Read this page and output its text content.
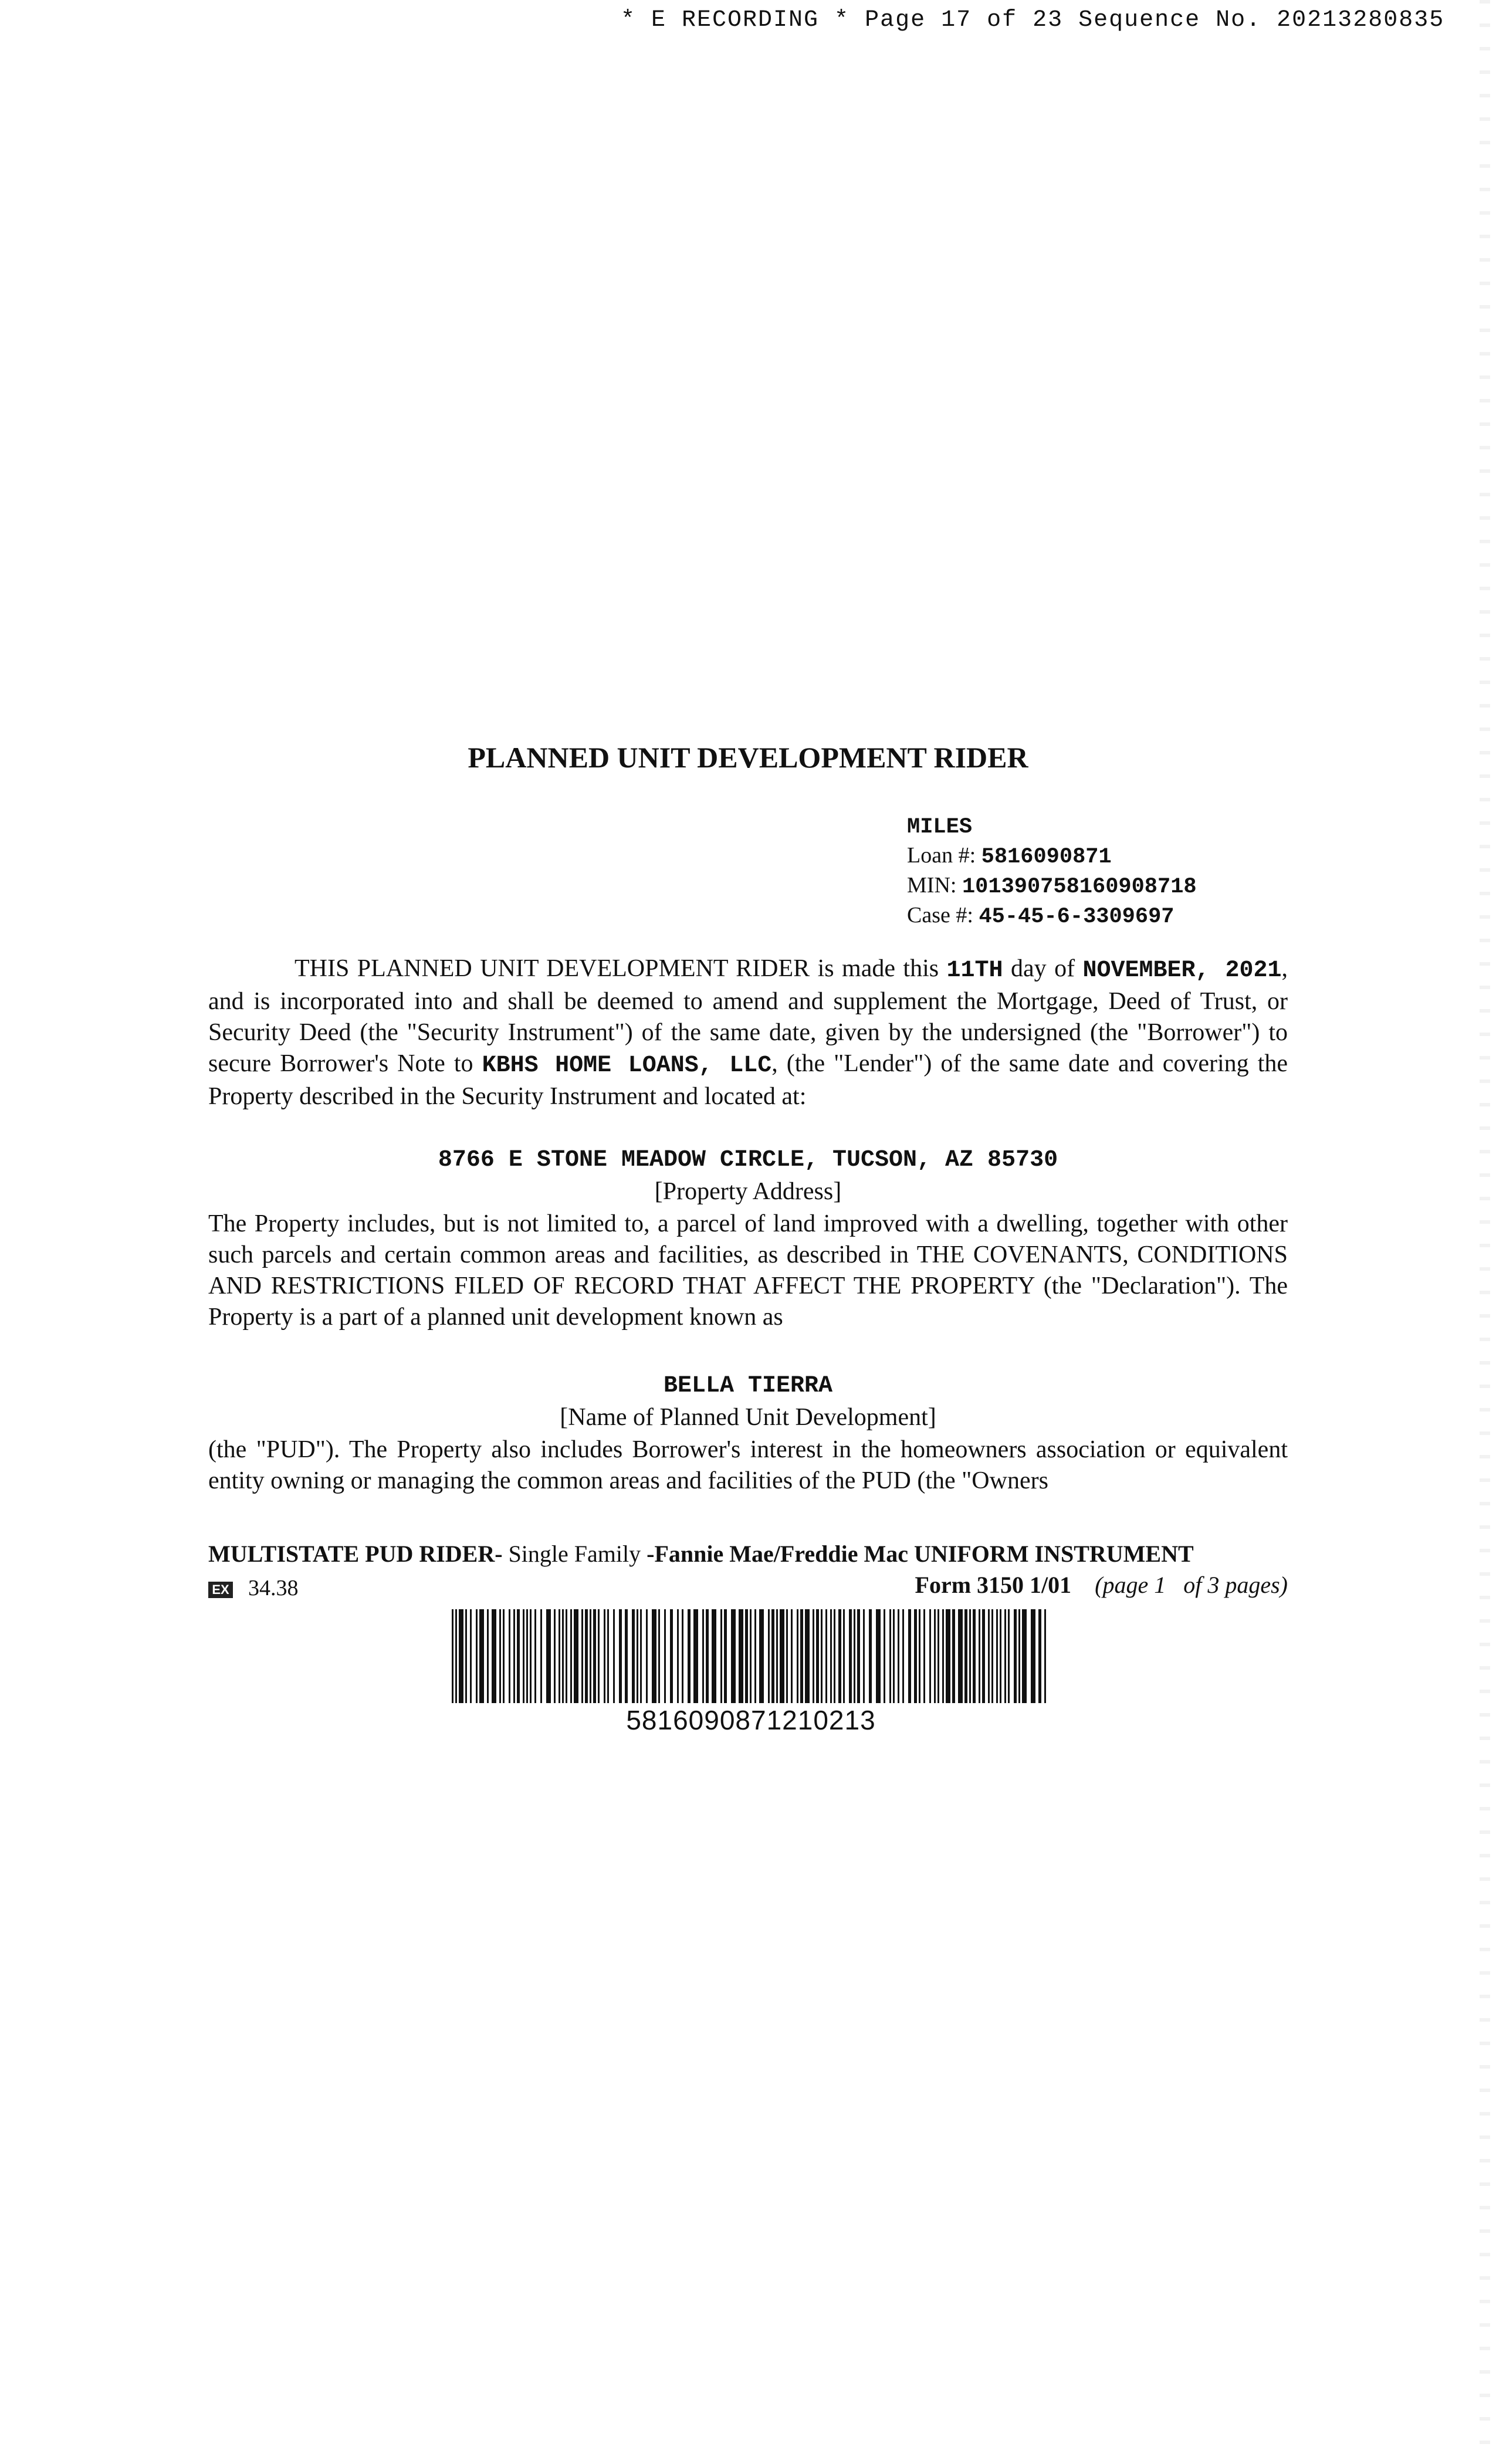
* E RECORDING * Page 17 of 23 Sequence No. 20213280835
PLANNED UNIT DEVELOPMENT RIDER
MILES
Loan #: 5816090871
MIN: 101390758160908718
Case #: 45-45-6-3309697
THIS PLANNED UNIT DEVELOPMENT RIDER is made this 11TH day of NOVEMBER, 2021, and is incorporated into and shall be deemed to amend and supplement the Mortgage, Deed of Trust, or Security Deed (the "Security Instrument") of the same date, given by the undersigned (the "Borrower") to secure Borrower's Note to KBHS HOME LOANS, LLC, (the "Lender") of the same date and covering the Property described in the Security Instrument and located at:
8766 E STONE MEADOW CIRCLE, TUCSON, AZ 85730
[Property Address]
The Property includes, but is not limited to, a parcel of land improved with a dwelling, together with other such parcels and certain common areas and facilities, as described in THE COVENANTS, CONDITIONS AND RESTRICTIONS FILED OF RECORD THAT AFFECT THE PROPERTY (the "Declaration"). The Property is a part of a planned unit development known as
BELLA TIERRA
[Name of Planned Unit Development]
(the "PUD"). The Property also includes Borrower's interest in the homeowners association or equivalent entity owning or managing the common areas and facilities of the PUD (the "Owners
MULTISTATE PUD RIDER- Single Family -Fannie Mae/Freddie Mac UNIFORM INSTRUMENT
EX 34.38	Form 3150 1/01 (page 1 of 3 pages)
5816090871210213
